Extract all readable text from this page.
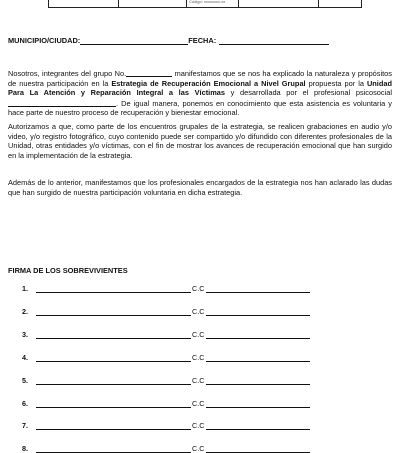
Código: xxxxxxxx-xx
MUNICIPIO/CIUDAD:	FECHA:
Nosotros, integrantes del grupo No.	manifestamos que se nos ha explicado la naturaleza y propósitos de nuestra participación en la Estrategia de Recuperación Emocional a Nivel Grupal propuesta por la Unidad Para La Atención y Reparación Integral a las Víctimas y desarrollada por el profesional psicosocial . De igual manera, ponemos en conocimiento que esta asistencia es voluntaria y hace parte de nuestro proceso de recuperación y bienestar emocional.
Autorizamos a que, como parte de los encuentros grupales de la estrategia, se realicen grabaciones en audio y/o video, y/o registro fotográfico, cuyo contenido puede ser compartido y/o difundido con diferentes profesionales de la Unidad, otras entidades y/o víctimas, con el fin de mostrar los avances de recuperación emocional que han surgido en la implementación de la estrategia.
Además de lo anterior, manifestamos que los profesionales encargados de la estrategia nos han aclarado las dudas que han surgido de nuestra participación voluntaria en dicha estrategia.
FIRMA DE LOS SOBREVIVIENTES
1.	C.C
2.	C.C
3.	C.C
4.	C.C
5.	C.C
6.	C.C
7.	C.C
8.	C.C
